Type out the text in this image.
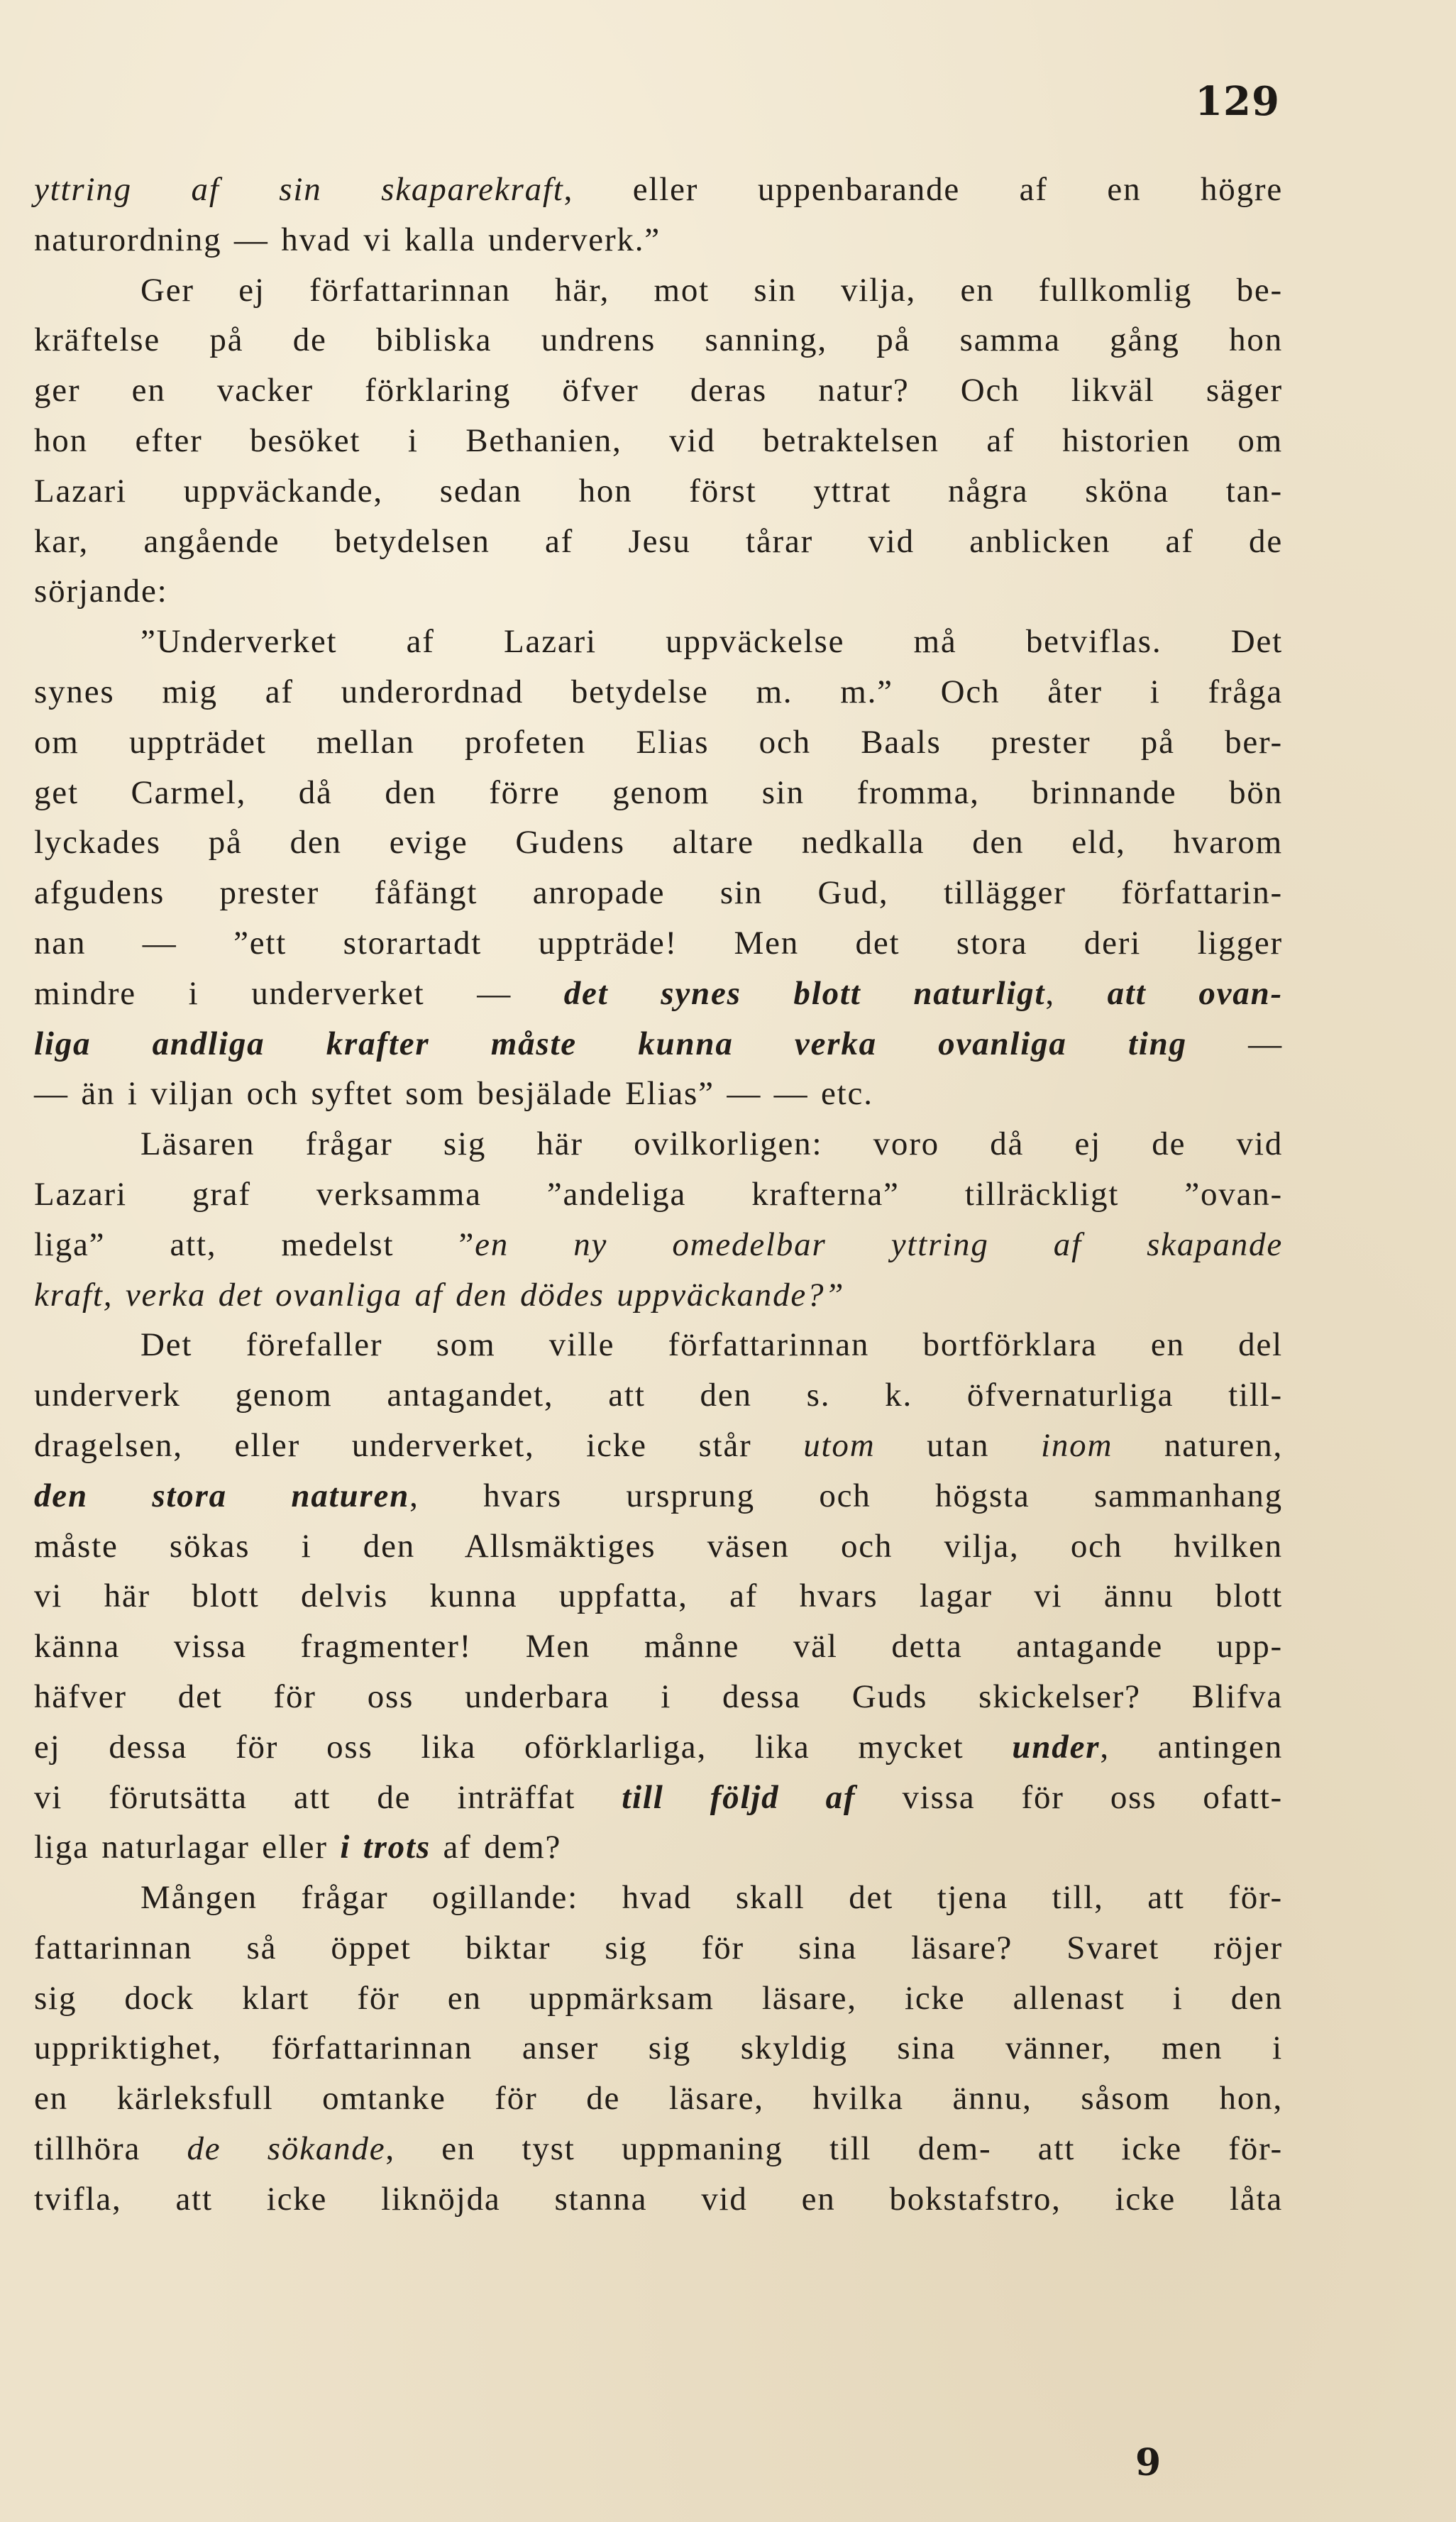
129
yttring af sin skaparekraft, eller uppenbarande af en högre
naturordning — hvad vi kalla underverk.”
Ger ej författarinnan här, mot sin vilja, en fullkomlig be-
kräftelse på de bibliska undrens sanning, på samma gång hon
ger en vacker förklaring öfver deras natur? Och likväl säger
hon efter besöket i Bethanien, vid betraktelsen af historien om
Lazari uppväckande, sedan hon först yttrat några sköna tan-
kar, angående betydelsen af Jesu tårar vid anblicken af de
sörjande:
”Underverket af Lazari uppväckelse må betviflas. Det
synes mig af underordnad betydelse m. m.” Och åter i fråga
om uppträdet mellan profeten Elias och Baals prester på ber-
get Carmel, då den förre genom sin fromma, brinnande bön
lyckades på den evige Gudens altare nedkalla den eld, hvarom
afgudens prester fåfängt anropade sin Gud, tillägger författarin-
nan — ”ett storartadt uppträde! Men det stora deri ligger
mindre i underverket — det synes blott naturligt, att ovan-
liga andliga krafter måste kunna verka ovanliga ting —
— än i viljan och syftet som besjälade Elias” — — etc.
Läsaren frågar sig här ovilkorligen: voro då ej de vid
Lazari graf verksamma ”andeliga krafterna” tillräckligt ”ovan-
liga” att, medelst ”en ny omedelbar yttring af skapande
kraft, verka det ovanliga af den dödes uppväckande?”
Det förefaller som ville författarinnan bortförklara en del
underverk genom antagandet, att den s. k. öfvernaturliga till-
dragelsen, eller underverket, icke står utom utan inom naturen,
den stora naturen, hvars ursprung och högsta sammanhang
måste sökas i den Allsmäktiges väsen och vilja, och hvilken
vi här blott delvis kunna uppfatta, af hvars lagar vi ännu blott
känna vissa fragmenter! Men månne väl detta antagande upp-
häfver det för oss underbara i dessa Guds skickelser? Blifva
ej dessa för oss lika oförklarliga, lika mycket under, antingen
vi förutsätta att de inträffat till följd af vissa för oss ofatt-
liga naturlagar eller i trots af dem?
Mången frågar ogillande: hvad skall det tjena till, att för-
fattarinnan så öppet biktar sig för sina läsare? Svaret röjer
sig dock klart för en uppmärksam läsare, icke allenast i den
uppriktighet, författarinnan anser sig skyldig sina vänner, men i
en kärleksfull omtanke för de läsare, hvilka ännu, såsom hon,
tillhöra de sökande, en tyst uppmaning till dem- att icke för-
tvifla, att icke liknöjda stanna vid en bokstafstro, icke låta
9
